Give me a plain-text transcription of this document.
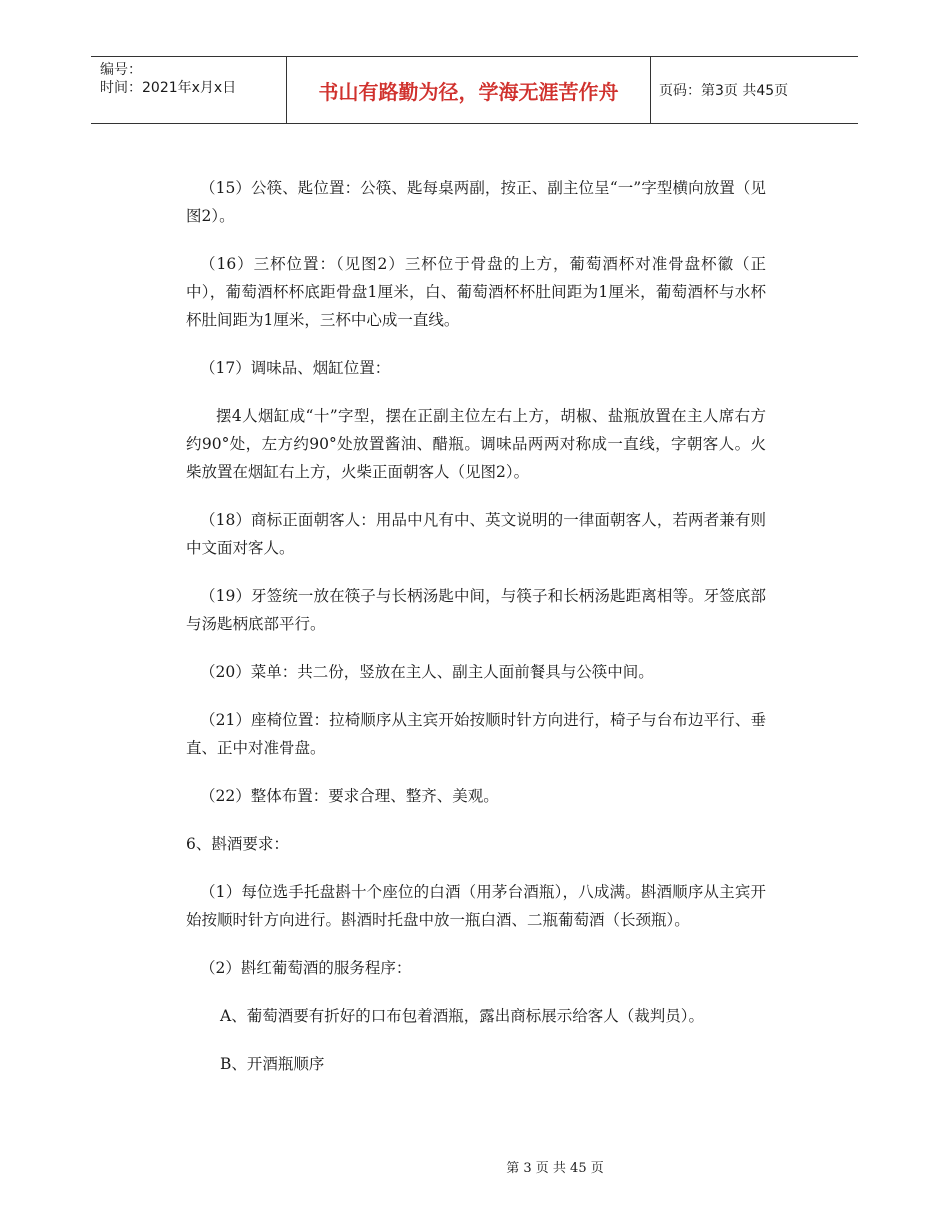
编号：
时间：2021年x月x日	书山有路勤为径，学海无涯苦作舟	页码：第3页 共45页

（15）公筷、匙位置：公筷、匙每桌两副，按正、副主位呈“一”字型横向放置（见图2）。

（16）三杯位置：（见图2）三杯位于骨盘的上方，葡萄酒杯对准骨盘杯徽（正中），葡萄酒杯杯底距骨盘1厘米，白、葡萄酒杯杯肚间距为1厘米，葡萄酒杯与水杯杯肚间距为1厘米，三杯中心成一直线。

（17）调味品、烟缸位置：

摆4人烟缸成“十”字型，摆在正副主位左右上方，胡椒、盐瓶放置在主人席右方约90°处，左方约90°处放置酱油、醋瓶。调味品两两对称成一直线，字朝客人。火柴放置在烟缸右上方，火柴正面朝客人（见图2）。

（18）商标正面朝客人：用品中凡有中、英文说明的一律面朝客人，若两者兼有则中文面对客人。

（19）牙签统一放在筷子与长柄汤匙中间，与筷子和长柄汤匙距离相等。牙签底部与汤匙柄底部平行。

（20）菜单：共二份，竖放在主人、副主人面前餐具与公筷中间。

（21）座椅位置：拉椅顺序从主宾开始按顺时针方向进行，椅子与台布边平行、垂直、正中对准骨盘。

（22）整体布置：要求合理、整齐、美观。

6、斟酒要求：

（1）每位选手托盘斟十个座位的白酒（用茅台酒瓶），八成满。斟酒顺序从主宾开始按顺时针方向进行。斟酒时托盘中放一瓶白酒、二瓶葡萄酒（长颈瓶）。

（2）斟红葡萄酒的服务程序：

A、葡萄酒要有折好的口布包着酒瓶，露出商标展示给客人（裁判员）。

B、开酒瓶顺序

第 3 页 共 45 页
